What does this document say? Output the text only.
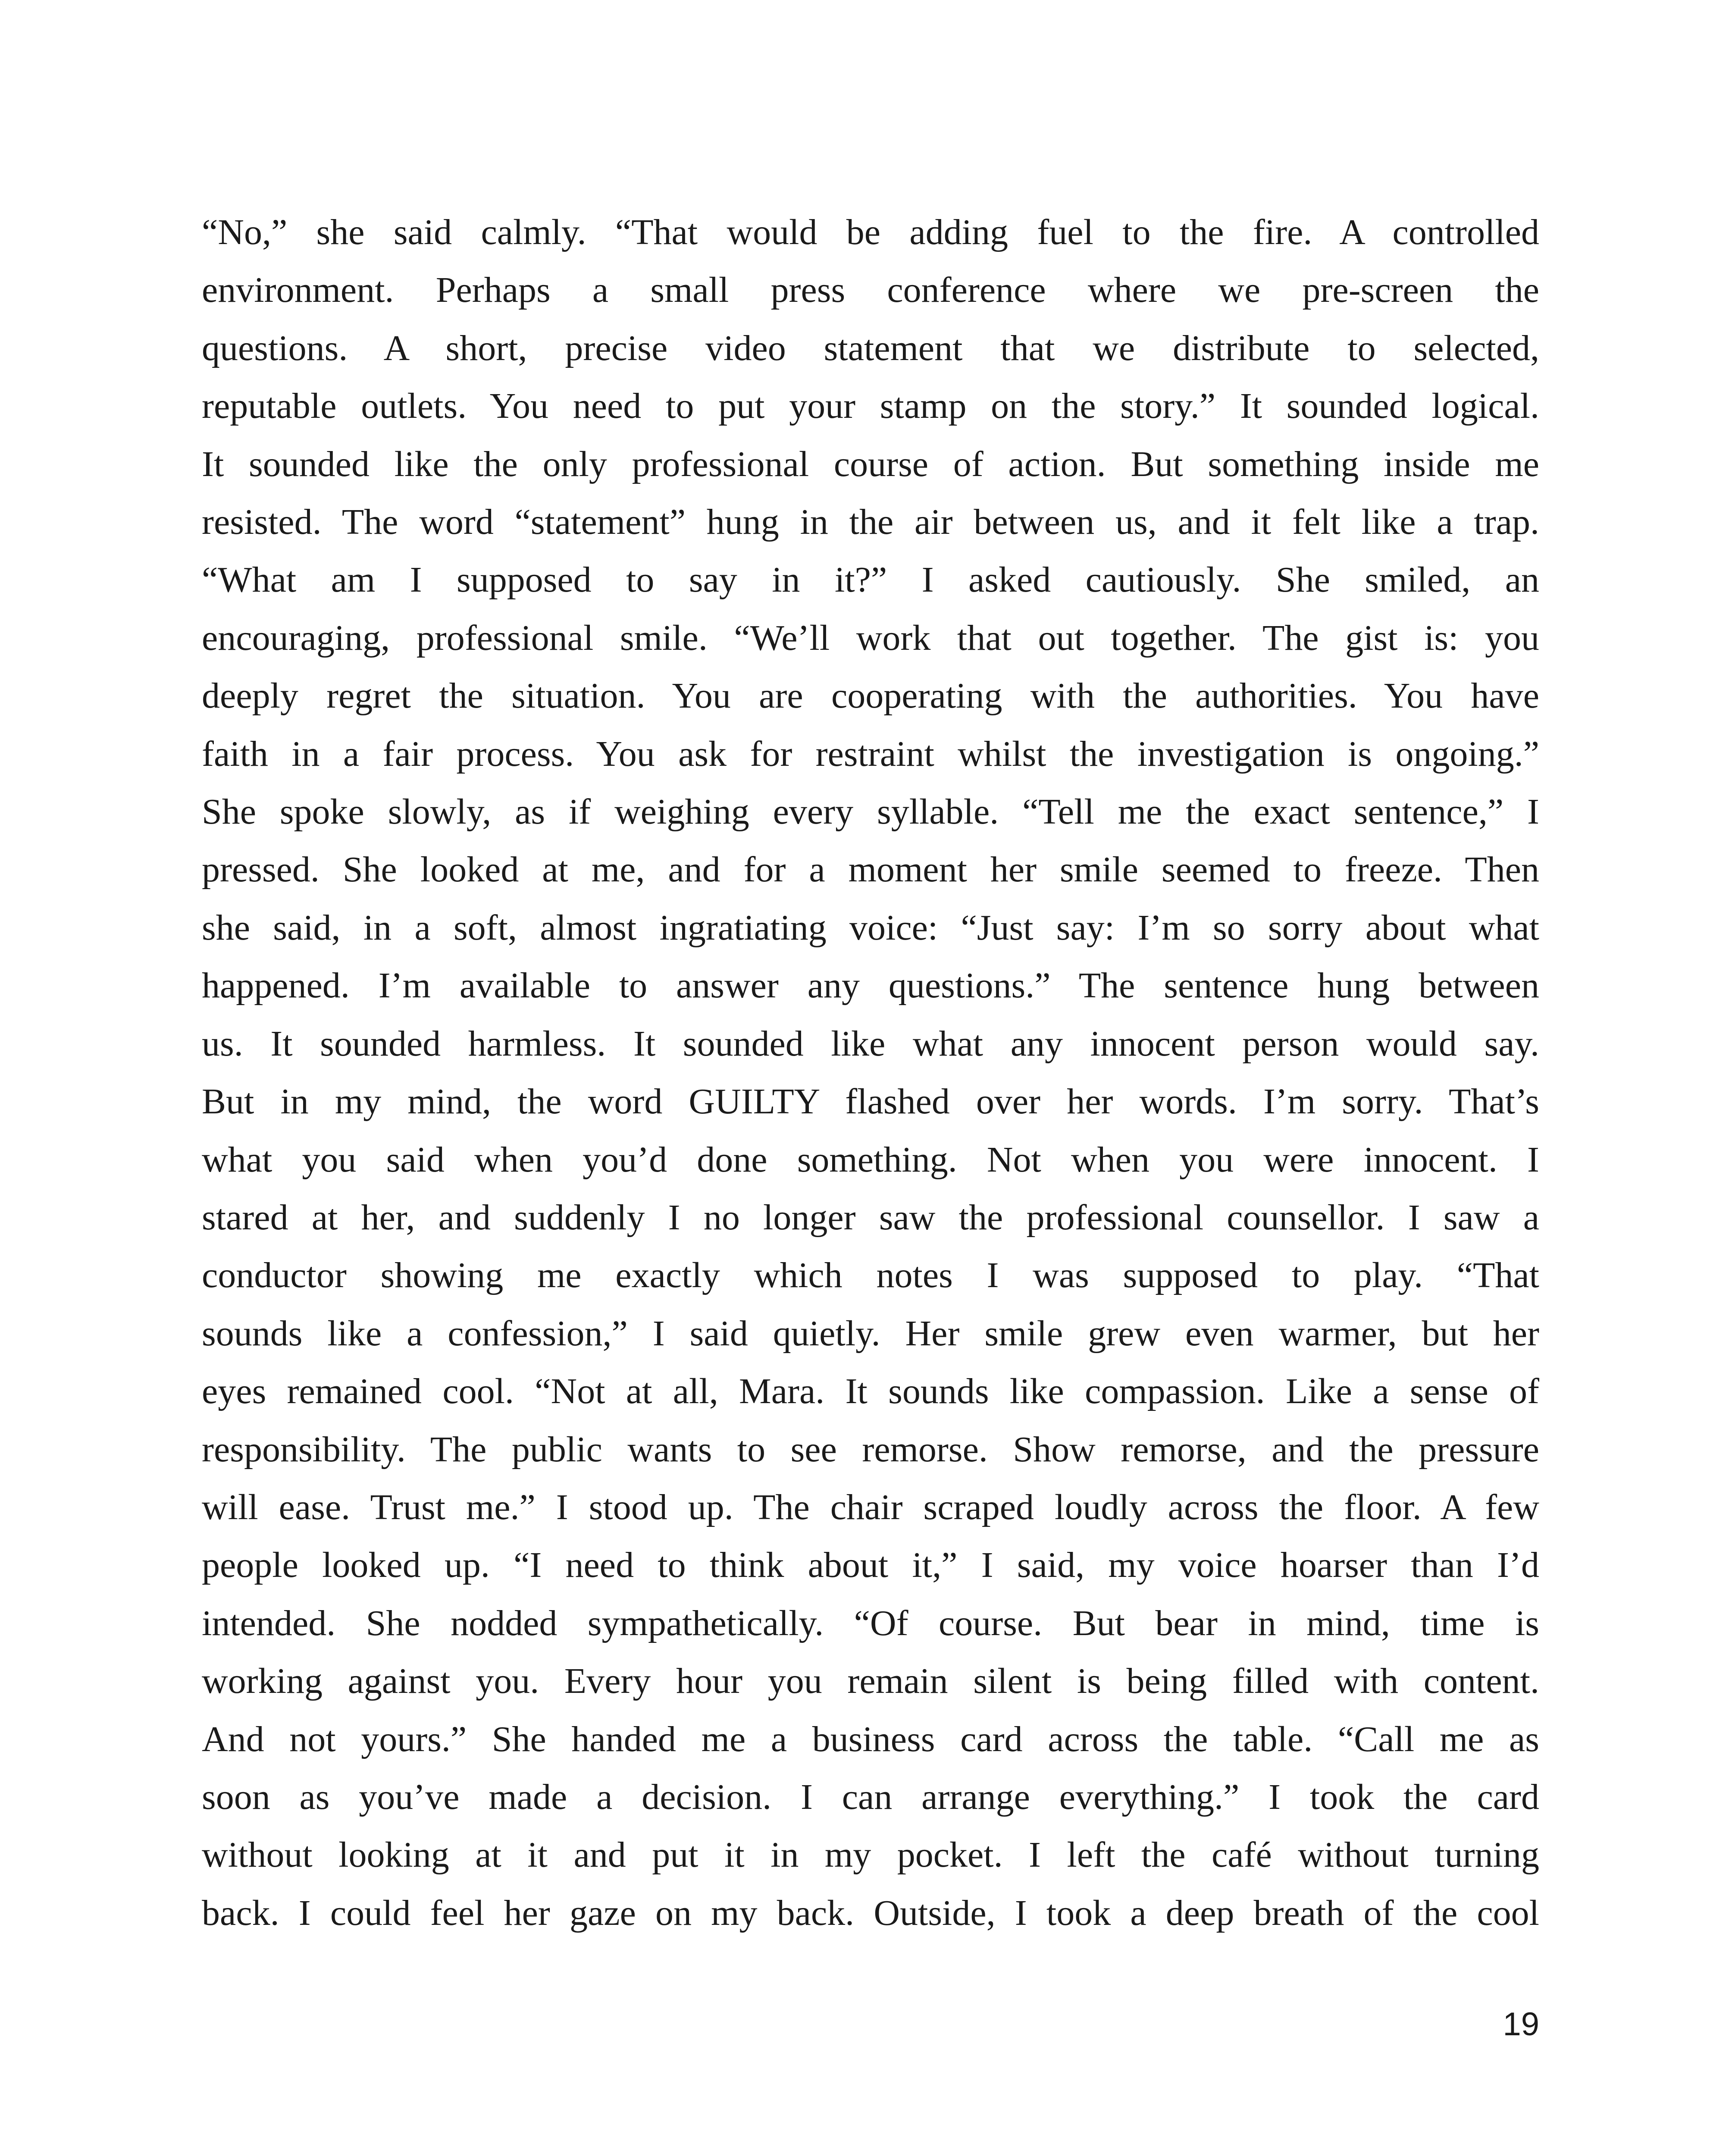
“No,” she said calmly. “That would be adding fuel to the fire. A controlled
environment. Perhaps a small press conference where we pre-screen the
questions. A short, precise video statement that we distribute to selected,
reputable outlets. You need to put your stamp on the story.” It sounded logical.
It sounded like the only professional course of action. But something inside me
resisted. The word “statement” hung in the air between us, and it felt like a trap.
“What am I supposed to say in it?” I asked cautiously. She smiled, an
encouraging, professional smile. “We’ll work that out together. The gist is: you
deeply regret the situation. You are cooperating with the authorities. You have
faith in a fair process. You ask for restraint whilst the investigation is ongoing.”
She spoke slowly, as if weighing every syllable. “Tell me the exact sentence,” I
pressed. She looked at me, and for a moment her smile seemed to freeze. Then
she said, in a soft, almost ingratiating voice: “Just say: I’m so sorry about what
happened. I’m available to answer any questions.” The sentence hung between
us. It sounded harmless. It sounded like what any innocent person would say.
But in my mind, the word GUILTY flashed over her words. I’m sorry. That’s
what you said when you’d done something. Not when you were innocent. I
stared at her, and suddenly I no longer saw the professional counsellor. I saw a
conductor showing me exactly which notes I was supposed to play. “That
sounds like a confession,” I said quietly. Her smile grew even warmer, but her
eyes remained cool. “Not at all, Mara. It sounds like compassion. Like a sense of
responsibility. The public wants to see remorse. Show remorse, and the pressure
will ease. Trust me.” I stood up. The chair scraped loudly across the floor. A few
people looked up. “I need to think about it,” I said, my voice hoarser than I’d
intended. She nodded sympathetically. “Of course. But bear in mind, time is
working against you. Every hour you remain silent is being filled with content.
And not yours.” She handed me a business card across the table. “Call me as
soon as you’ve made a decision. I can arrange everything.” I took the card
without looking at it and put it in my pocket. I left the café without turning
back. I could feel her gaze on my back. Outside, I took a deep breath of the cool
19
